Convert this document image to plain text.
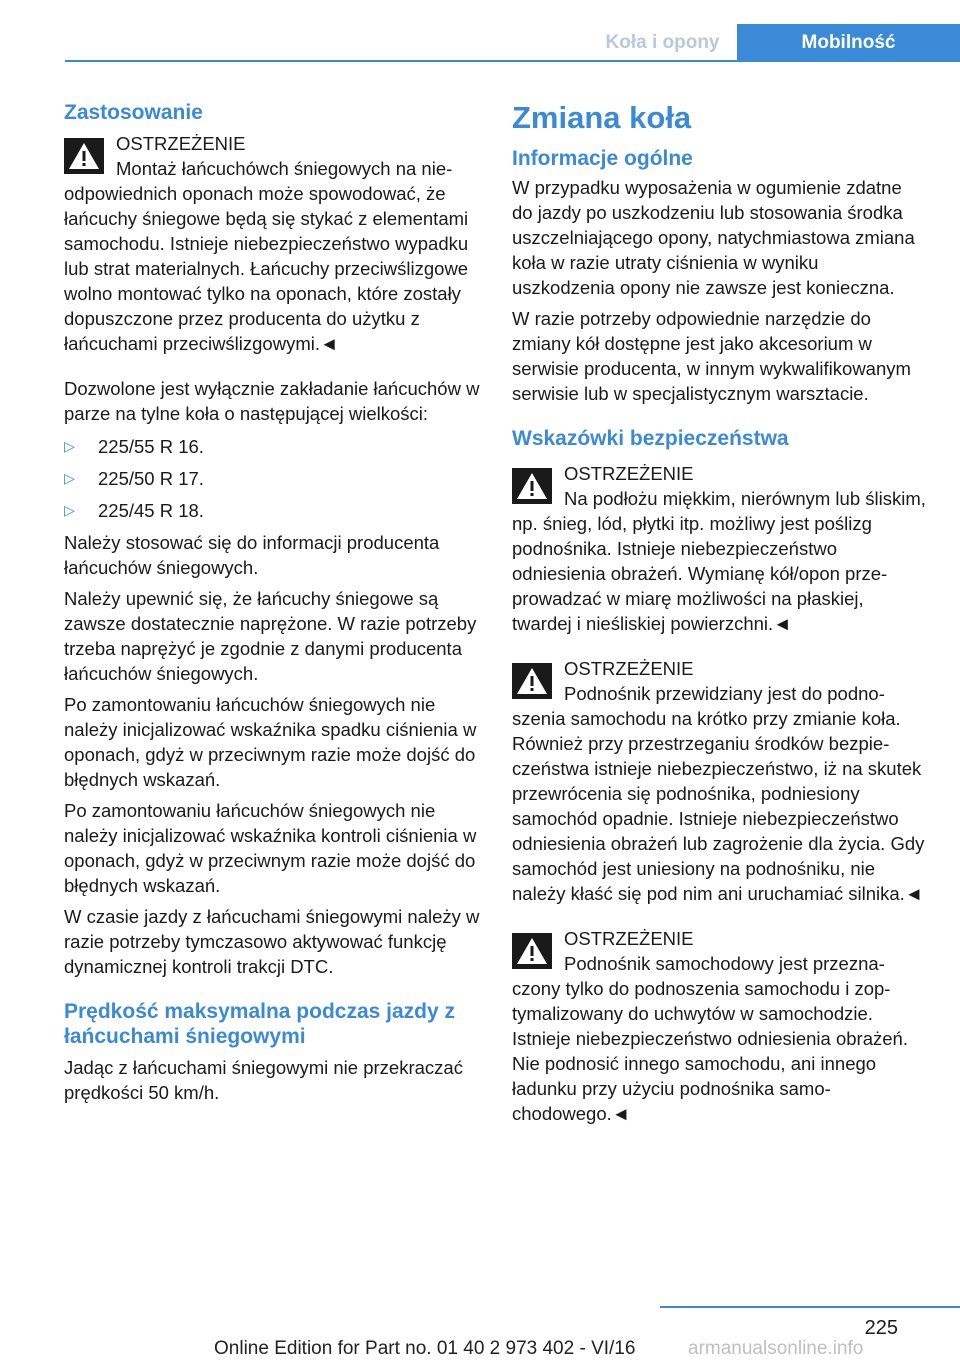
Koła i opony	Mobilność
Zastosowanie
OSTRZEŻENIE
Montaż łańcuchówch śniegowych na nieodpowiednich oponach może spowodować, że łańcuchy śniegowe będą się stykać z elementami samochodu. Istnieje niebezpieczeństwo wypadku lub strat materialnych. Łańcuchy przeciwślizgowe wolno montować tylko na oponach, które zostały dopuszczone przez producenta do użytku z łańcuchami przeciwślizgowymi.◄

Dozwolone jest wyłącznie zakładanie łańcuchów w parze na tylne koła o następującej wielkości:

▷	225/55 R 16.
▷	225/50 R 17.
▷	225/45 R 18.

Należy stosować się do informacji producenta łańcuchów śniegowych.

Należy upewnić się, że łańcuchy śniegowe są zawsze dostatecznie naprężone. W razie potrzeby trzeba naprężyć je zgodnie z danymi producenta łańcuchów śniegowych.

Po zamontowaniu łańcuchów śniegowych nie należy inicjalizować wskaźnika spadku ciśnienia w oponach, gdyż w przeciwnym razie może dojść do błędnych wskazań.

Po zamontowaniu łańcuchów śniegowych nie należy inicjalizować wskaźnika kontroli ciśnienia w oponach, gdyż w przeciwnym razie może dojść do błędnych wskazań.

W czasie jazdy z łańcuchami śniegowymi należy w razie potrzeby tymczasowo aktywować funkcję dynamicznej kontroli trakcji DTC.

Prędkość maksymalna podczas jazdy z łańcuchami śniegowymi

Jadąc z łańcuchami śniegowymi nie przekraczać prędkości 50 km/h.

Zmiana koła
Informacje ogólne

W przypadku wyposażenia w ogumienie zdatne do jazdy po uszkodzeniu lub stosowania środka uszczelniającego opony, natychmiastowa zmiana koła w razie utraty ciśnienia w wyniku uszkodzenia opony nie zawsze jest konieczna.

W razie potrzeby odpowiednie narzędzie do zmiany kół dostępne jest jako akcesorium w serwisie producenta, w innym wykwalifikowanym serwisie lub w specjalistycznym warsztacie.

Wskazówki bezpieczeństwa
OSTRZEŻENIE
Na podłożu miękkim, nierównym lub śliskim, np. śnieg, lód, płytki itp. możliwy jest poślizg podnośnika. Istnieje niebezpieczeństwo odniesienia obrażeń. Wymianę kół/opon przeprowadzać w miarę możliwości na płaskiej, twardej i nieśliskiej powierzchni.◄
OSTRZEŻENIE
Podnośnik przewidziany jest do podnoszenia samochodu na krótko przy zmianie koła. Również przy przestrzeganiu środków bezpieczeństwa istnieje niebezpieczeństwo, iż na skutek przewrócenia się podnośnika, podniesiony samochód opadnie. Istnieje niebezpieczeństwo odniesienia obrażeń lub zagrożenie dla życia. Gdy samochód jest uniesiony na podnośniku, nie należy kłaść się pod nim ani uruchamiać silnika.◄
OSTRZEŻENIE
Podnośnik samochodowy jest przeznaczony tylko do podnoszenia samochodu i zoptymalizowany do uchwytów w samochodzie. Istnieje niebezpieczeństwo odniesienia obrażeń. Nie podnosić innego samochodu, ani innego ładunku przy użyciu podnośnika samochodowego.◄
225
Online Edition for Part no. 01 40 2 973 402 - VI/16	armanualsonline.info
